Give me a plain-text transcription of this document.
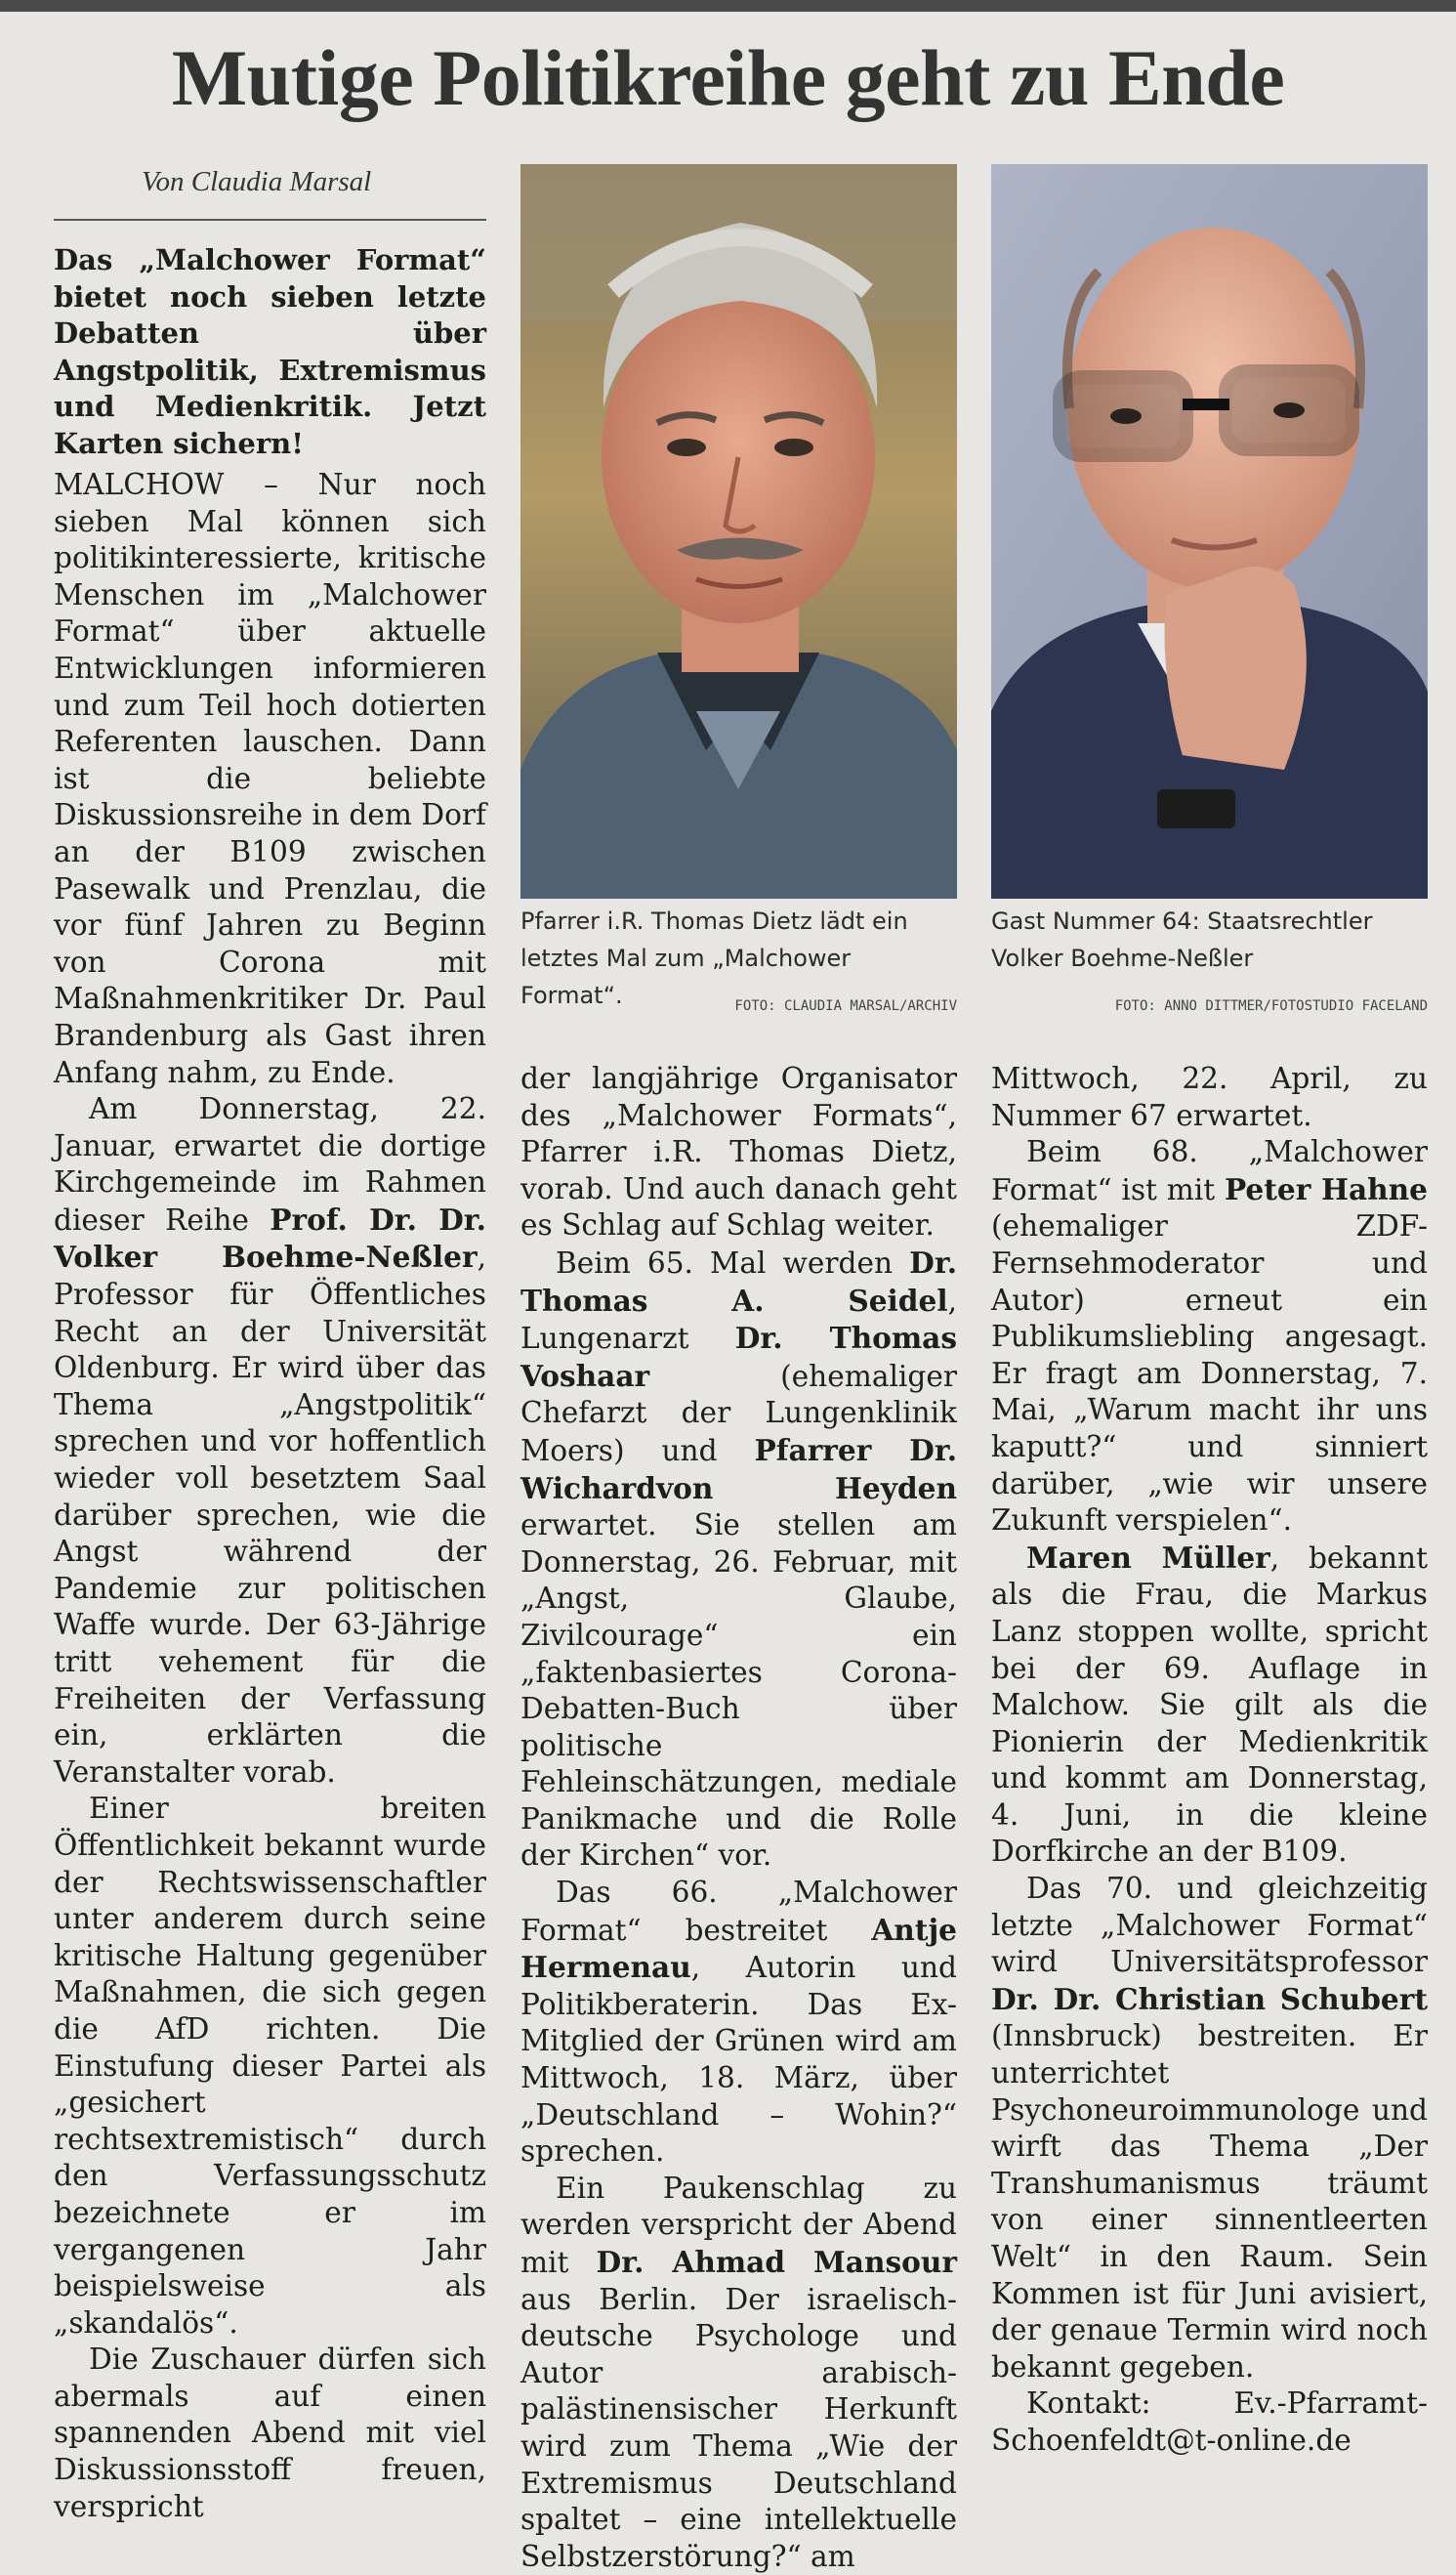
Mutige Politikreihe geht zu Ende
Von Claudia Marsal
Das „Malchower Format“ bietet noch sieben letzte Debatten über Angstpolitik, Extremismus und Medienkritik. Jetzt Karten sichern!
Pfarrer i.R. Thomas Dietz lädt ein letztes Mal zum „Malchower Format“.	FOTO: CLAUDIA MARSAL/ARCHIV
Gast Nummer 64: Staatsrechtler Volker Boehme-Neßler
FOTO: ANNO DITTMER/FOTOSTUDIO FACELAND

MALCHOW – Nur noch sieben Mal können sich politikinteressierte, kritische Menschen im „Malchower Format“ über aktuelle Entwicklungen informieren und zum Teil hoch dotierten Referenten lauschen. Dann ist die beliebte Diskussionsreihe in dem Dorf an der B109 zwischen Pasewalk und Prenzlau, die vor fünf Jahren zu Beginn von Corona mit Maßnahmenkritiker Dr. Paul Brandenburg als Gast ihren Anfang nahm, zu Ende.

Am Donnerstag, 22. Januar, erwartet die dortige Kirchgemeinde im Rahmen dieser Reihe Prof. Dr. Dr. Volker Boehme-Neßler, Professor für Öffentliches Recht an der Universität Oldenburg. Er wird über das Thema „Angstpolitik“ sprechen und vor hoffentlich wieder voll besetztem Saal darüber sprechen, wie die Angst während der Pandemie zur politischen Waffe wurde. Der 63-Jährige tritt vehement für die Freiheiten der Verfassung ein, erklärten die Veranstalter vorab.

Einer breiten Öffentlichkeit bekannt wurde der Rechtswissenschaftler unter anderem durch seine kritische Haltung gegenüber Maßnahmen, die sich gegen die AfD richten. Die Einstufung dieser Partei als „gesichert rechtsextremistisch“ durch den Verfassungsschutz bezeichnete er im vergangenen Jahr beispielsweise als „skandalös“.

Die Zuschauer dürfen sich abermals auf einen spannenden Abend mit viel Diskussionsstoff freuen, verspricht

der langjährige Organisator des „Malchower Formats“, Pfarrer i.R. Thomas Dietz, vorab. Und auch danach geht es Schlag auf Schlag weiter.

Beim 65. Mal werden Dr. Thomas A. Seidel, Lungenarzt Dr. Thomas Voshaar (ehemaliger Chefarzt der Lungenklinik Moers) und Pfarrer Dr. Wichardvon Heyden erwartet. Sie stellen am Donnerstag, 26. Februar, mit „Angst, Glaube, Zivilcourage“ ein „faktenbasiertes Corona-Debatten-Buch über politische Fehleinschätzungen, mediale Panikmache und die Rolle der Kirchen“ vor.

Das 66. „Malchower Format“ bestreitet Antje Hermenau, Autorin und Politikberaterin. Das Ex-Mitglied der Grünen wird am Mittwoch, 18. März, über „Deutschland – Wohin?“ sprechen.

Ein Paukenschlag zu werden verspricht der Abend mit Dr. Ahmad Mansour aus Berlin. Der israelisch-deutsche Psychologe und Autor arabisch-palästinensischer Herkunft wird zum Thema „Wie der Extremismus Deutschland spaltet – eine intellektuelle Selbstzerstörung?“ am

Mittwoch, 22. April, zu Nummer 67 erwartet.

Beim 68. „Malchower Format“ ist mit Peter Hahne (ehemaliger ZDF-Fernsehmoderator und Autor) erneut ein Publikumsliebling angesagt. Er fragt am Donnerstag, 7. Mai, „Warum macht ihr uns kaputt?“ und sinniert darüber, „wie wir unsere Zukunft verspielen“.

Maren Müller, bekannt als die Frau, die Markus Lanz stoppen wollte, spricht bei der 69. Auflage in Malchow. Sie gilt als die Pionierin der Medienkritik und kommt am Donnerstag, 4. Juni, in die kleine Dorfkirche an der B109.

Das 70. und gleichzeitig letzte „Malchower Format“ wird Universitätsprofessor Dr. Dr. Christian Schubert (Innsbruck) bestreiten. Er unterrichtet Psychoneuroimmunologe und wirft das Thema „Der Transhumanismus träumt von einer sinnentleerten Welt“ in den Raum. Sein Kommen ist für Juni avisiert, der genaue Termin wird noch bekannt gegeben.

Kontakt: Ev.-Pfarramt-Schoenfeldt@t-online.de
